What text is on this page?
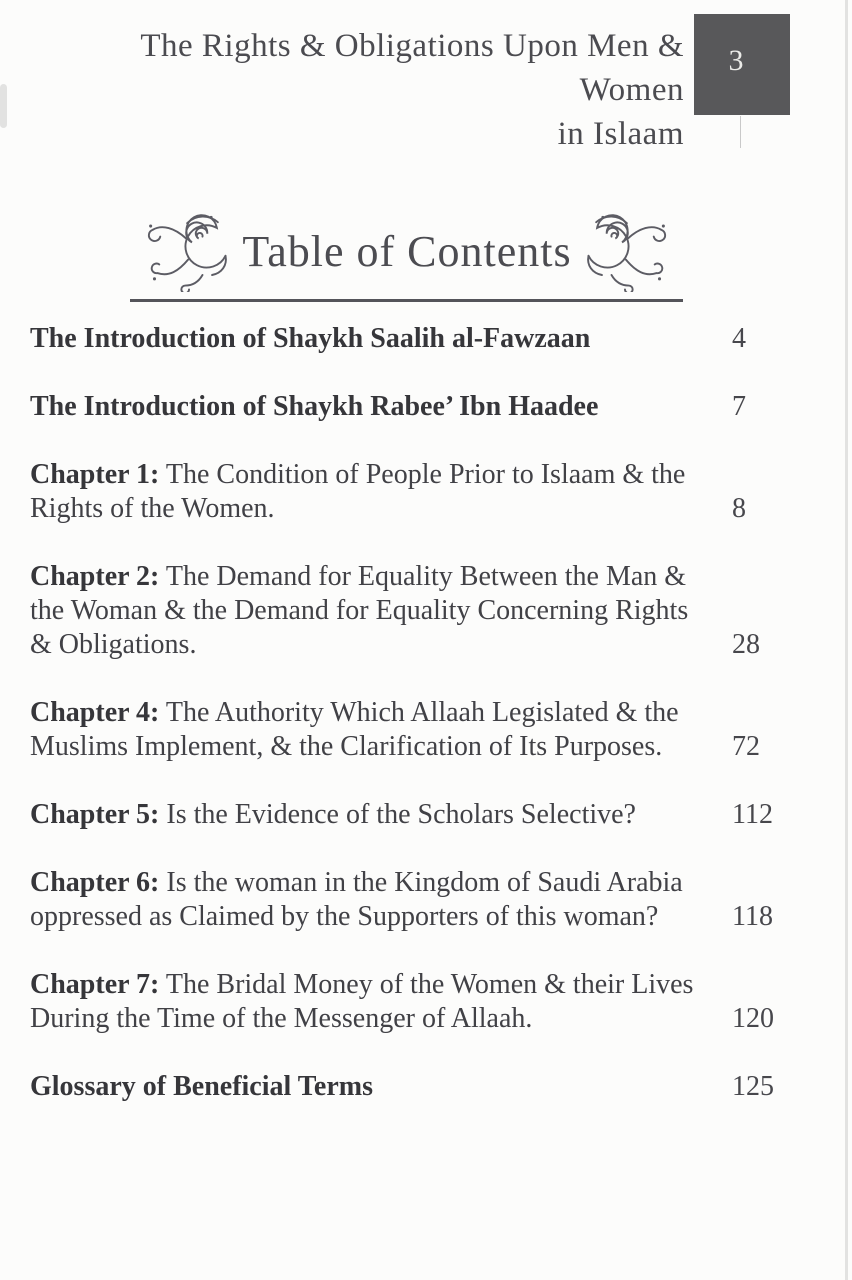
The Rights & Obligations Upon Men & Women
in Islaam
3
Table of Contents
The Introduction of Shaykh Saalih al-Fawzaan	4
The Introduction of Shaykh Rabee’ Ibn Haadee	7
Chapter 1: The Condition of People Prior to Islaam & the
Rights of the Women.	8
Chapter 2: The Demand for Equality Between the Man &
the Woman & the Demand for Equality Concerning Rights
& Obligations.	28
Chapter 4: The Authority Which Allaah Legislated & the
Muslims Implement, & the Clarification of Its Purposes.	72
Chapter 5: Is the Evidence of the Scholars Selective?	112
Chapter 6: Is the woman in the Kingdom of Saudi Arabia
oppressed as Claimed by the Supporters of this woman?	118
Chapter 7: The Bridal Money of the Women & their Lives
During the Time of the Messenger of Allaah.	120
Glossary of Beneficial Terms	125
